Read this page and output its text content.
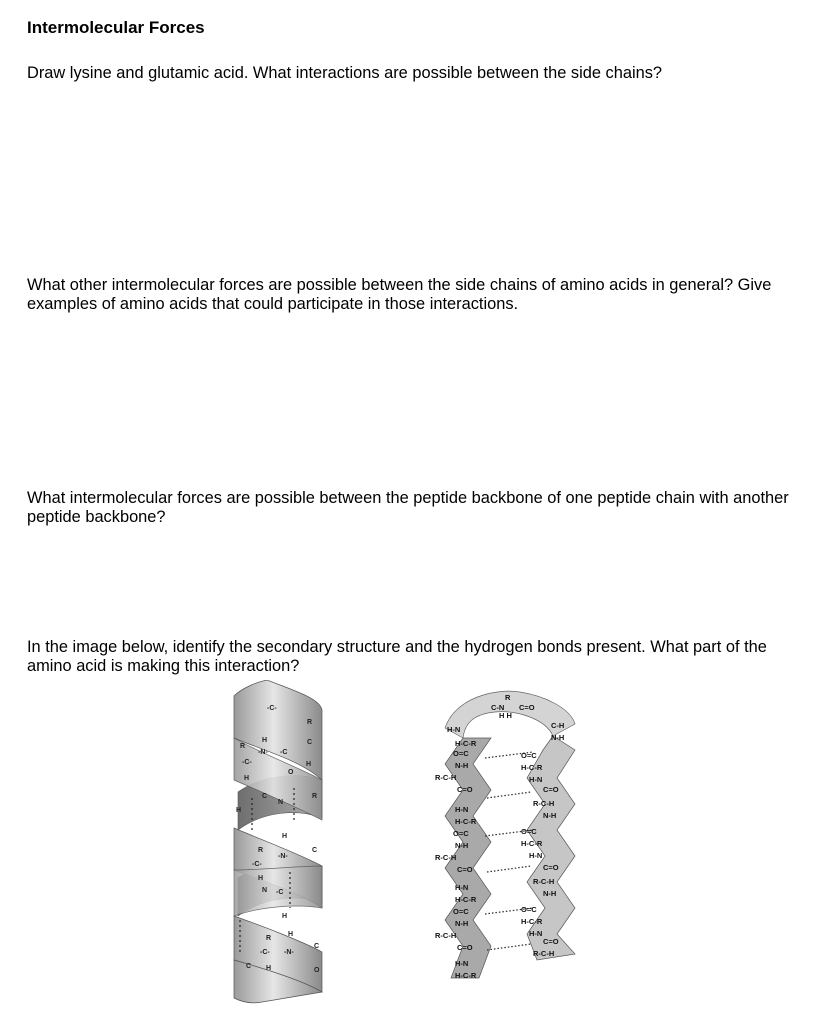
Intermolecular Forces

Draw lysine and glutamic acid. What interactions are possible between the side chains?

What other intermolecular forces are possible between the side chains of amino acids in general? Give examples of amino acids that could participate in those interactions.

What intermolecular forces are possible between the peptide backbone of one peptide chain with another peptide backbone?

In the image below, identify the secondary structure and the hydrogen bonds present. What part of the amino acid is making this interaction?

-C-
R
R
H
-N- -C
C
-C-	H
H
O
H
C
N
R
R
H
-C-
-N-
C
H
N -C
H
R
H
-C- -N-
C
C H	O
R
C-N C=O
H H
H-N	C-H
H-C-R
N-H
O=C	O=C
N-H	H-C-R
R-C-H	H-N
C=O	C=O
H-N
R-C-H
H-C-R
N-H
O=C	O=C
N-H	H-C-R
R-C-H	H-N
C=O	C=O
H-N
R-C-H
H-C-R
N-H
O=C	O=C
N-H	H-C-R
R-C-H	H-N
C=O
C=O
H-N
R-C-H
H-C-R
